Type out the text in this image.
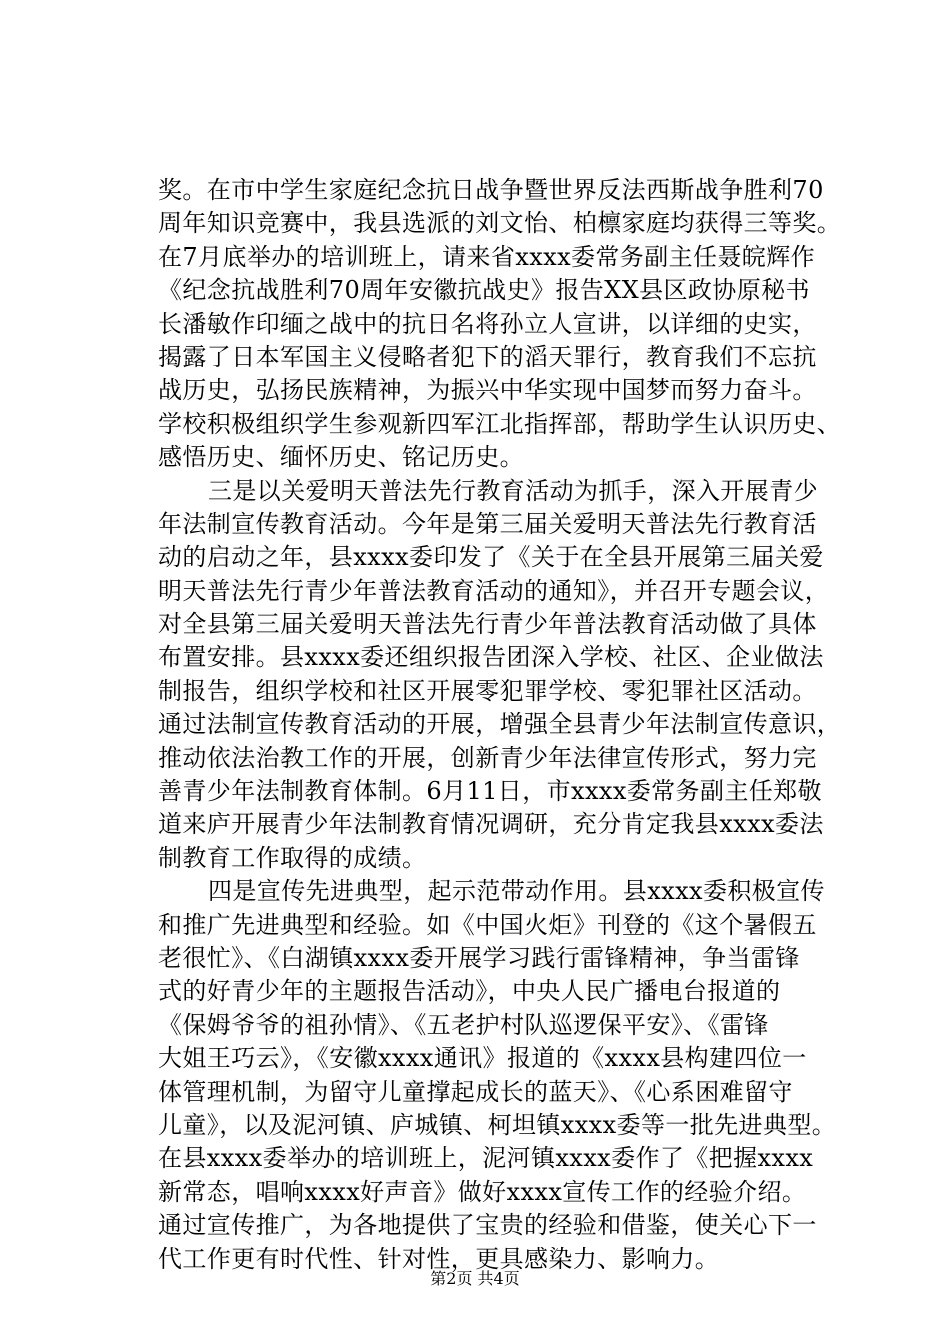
奖。在市中学生家庭纪念抗日战争暨世界反法西斯战争胜利70
周年知识竞赛中，我县选派的刘文怡、柏檩家庭均获得三等奖。
在7月底举办的培训班上，请来省xxxx委常务副主任聂皖辉作
《纪念抗战胜利70周年安徽抗战史》报告XX县区政协原秘书
长潘敏作印缅之战中的抗日名将孙立人宣讲，以详细的史实，
揭露了日本军国主义侵略者犯下的滔天罪行，教育我们不忘抗
战历史，弘扬民族精神，为振兴中华实现中国梦而努力奋斗。
学校积极组织学生参观新四军江北指挥部，帮助学生认识历史、
感悟历史、缅怀历史、铭记历史。
三是以关爱明天普法先行教育活动为抓手，深入开展青少
年法制宣传教育活动。今年是第三届关爱明天普法先行教育活
动的启动之年，县xxxx委印发了《关于在全县开展第三届关爱
明天普法先行青少年普法教育活动的通知》，并召开专题会议，
对全县第三届关爱明天普法先行青少年普法教育活动做了具体
布置安排。县xxxx委还组织报告团深入学校、社区、企业做法
制报告，组织学校和社区开展零犯罪学校、零犯罪社区活动。
通过法制宣传教育活动的开展，增强全县青少年法制宣传意识，
推动依法治教工作的开展，创新青少年法律宣传形式，努力完
善青少年法制教育体制。6月11日，市xxxx委常务副主任郑敬
道来庐开展青少年法制教育情况调研，充分肯定我县xxxx委法
制教育工作取得的成绩。
四是宣传先进典型，起示范带动作用。县xxxx委积极宣传
和推广先进典型和经验。如《中国火炬》刊登的《这个暑假五
老很忙》、《白湖镇xxxx委开展学习践行雷锋精神，争当雷锋
式的好青少年的主题报告活动》，中央人民广播电台报道的
《保姆爷爷的祖孙情》、《五老护村队巡逻保平安》、《雷锋
大姐王巧云》，《安徽xxxx通讯》报道的《xxxx县构建四位一
体管理机制，为留守儿童撑起成长的蓝天》、《心系困难留守
儿童》，以及泥河镇、庐城镇、柯坦镇xxxx委等一批先进典型。
在县xxxx委举办的培训班上，泥河镇xxxx委作了《把握xxxx
新常态，唱响xxxx好声音》做好xxxx宣传工作的经验介绍。
通过宣传推广，为各地提供了宝贵的经验和借鉴，使关心下一
代工作更有时代性、针对性，更具感染力、影响力。
第2页 共4页
